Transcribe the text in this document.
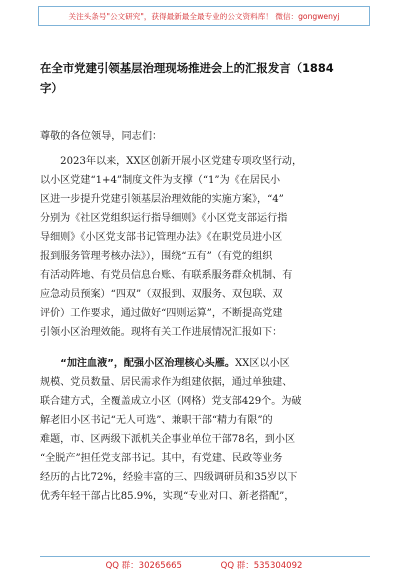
关注头条号"公文研究"，获得最新最全最专业的公文资料库！ 微信：gongwenyj
在全市党建引领基层治理现场推进会上的汇报发言（1884
字）
尊敬的各位领导，同志们：
　　2023年以来，XX区创新开展小区党建专项攻坚行动，
以小区党建“1+4”制度文件为支撑（“1”为《在居民小
区进一步提升党建引领基层治理效能的实施方案》，“4”
分别为《社区党组织运行指导细则》《小区党支部运行指
导细则》《小区党支部书记管理办法》《在职党员进小区
报到服务管理考核办法》），围绕“五有”（有党的组织
有活动阵地、有党员信息台账、有联系服务群众机制、有
应急动员预案）“四双”（双报到、双服务、双包联、双
评价）工作要求，通过做好“四则运算”，不断提高党建
引领小区治理效能。现将有关工作进展情况汇报如下：
　　“加注血液”，配强小区治理核心头雁。XX区以小区
规模、党员数量、居民需求作为组建依据，通过单独建、
联合建方式，全覆盖成立小区（网格）党支部429个。为破
解老旧小区书记“无人可选”、兼职干部“精力有限”的
难题，市、区两级下派机关企事业单位干部78名，到小区
“全脱产”担任党支部书记。其中，有党建、民政等业务
经历的占比72%，经验丰富的三、四级调研员和35岁以下
优秀年轻干部占比85.9%，实现“专业对口、新老搭配”，
QQ 群：30265665	QQ 群：535304092
